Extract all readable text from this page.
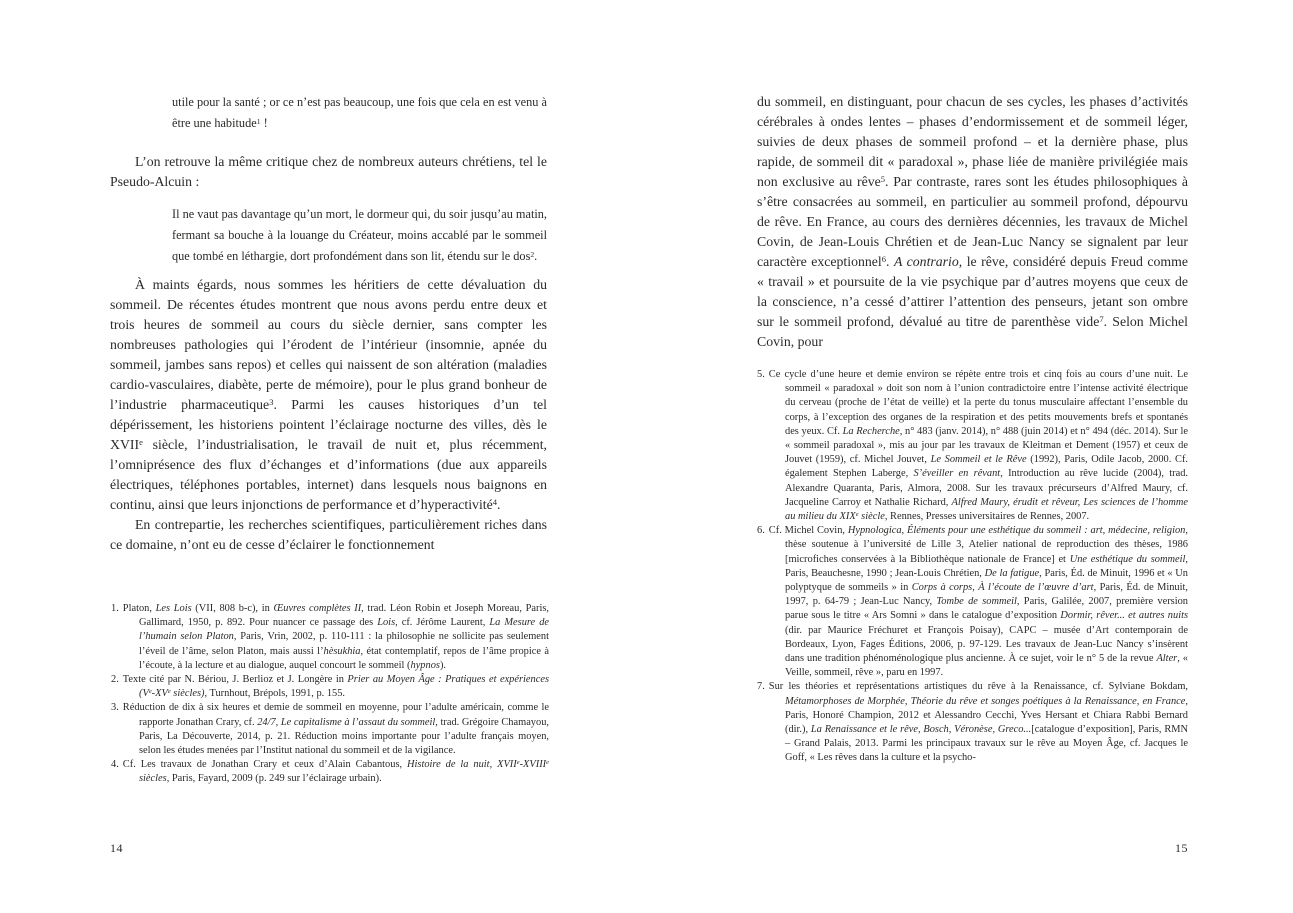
utile pour la santé ; or ce n’est pas beaucoup, une fois que cela en est venu à être une habitude$^1$ !

L’on retrouve la même critique chez de nombreux auteurs chrétiens, tel le Pseudo-Alcuin :

Il ne vaut pas davantage qu’un mort, le dormeur qui, du soir jusqu’au matin, fermant sa bouche à la louange du Créateur, moins accablé par le sommeil que tombé en léthargie, dort profondément dans son lit, étendu sur le dos$^2$.

À maints égards, nous sommes les héritiers de cette dévaluation du sommeil. De récentes études montrent que nous avons perdu entre deux et trois heures de sommeil au cours du siècle dernier, sans compter les nombreuses pathologies qui l’érodent de l’intérieur (insomnie, apnée du sommeil, jambes sans repos) et celles qui naissent de son altération (maladies cardio-vasculaires, diabète, perte de mémoire), pour le plus grand bonheur de l’industrie pharmaceutique$^3$. Parmi les causes historiques d’un tel dépérissement, les historiens pointent l’éclairage nocturne des villes, dès le XVIIe siècle, l’industrialisation, le travail de nuit et, plus récemment, l’omniprésence des flux d’échanges et d’informations (due aux appareils électriques, téléphones portables, internet) dans lesquels nous baignons en continu, ainsi que leurs injonctions de performance et d’hyperactivité$^4$.

En contrepartie, les recherches scientifiques, particulièrement riches dans ce domaine, n’ont eu de cesse d’éclairer le fonctionnement

1. Platon, Les Lois (VII, 808 b-c), in Œuvres complètes II, trad. Léon Robin et Joseph Moreau, Paris, Gallimard, 1950, p. 892. Pour nuancer ce passage des Lois, cf. Jérôme Laurent, La Mesure de l’humain selon Platon, Paris, Vrin, 2002, p. 110-111 : la philosophie ne sollicite pas seulement l’éveil de l’âme, selon Platon, mais aussi l’hèsukhia, état contemplatif, repos de l’âme propice à l’écoute, à la lecture et au dialogue, auquel concourt le sommeil (hypnos).

2. Texte cité par N. Bériou, J. Berlioz et J. Longère in Prier au Moyen Âge : Pratiques et expériences (Ve-XVe siècles), Turnhout, Brépols, 1991, p. 155.

3. Réduction de dix à six heures et demie de sommeil en moyenne, pour l’adulte américain, comme le rapporte Jonathan Crary, cf. 24/7, Le capitalisme à l’assaut du sommeil, trad. Grégoire Chamayou, Paris, La Découverte, 2014, p. 21. Réduction moins importante pour l’adulte français moyen, selon les études menées par l’Institut national du sommeil et de la vigilance.

4. Cf. Les travaux de Jonathan Crary et ceux d’Alain Cabantous, Histoire de la nuit, XVIIe-XVIIIe siècles, Paris, Fayard, 2009 (p. 249 sur l’éclairage urbain).

14

du sommeil, en distinguant, pour chacun de ses cycles, les phases d’activités cérébrales à ondes lentes – phases d’endormissement et de sommeil léger, suivies de deux phases de sommeil profond – et la dernière phase, plus rapide, de sommeil dit « paradoxal », phase liée de manière privilégiée mais non exclusive au rêve$^5$. Par contraste, rares sont les études philosophiques à s’être consacrées au sommeil, en particulier au sommeil profond, dépourvu de rêve. En France, au cours des dernières décennies, les travaux de Michel Covin, de Jean-Louis Chrétien et de Jean-Luc Nancy se signalent par leur caractère exceptionnel$^6$. A contrario, le rêve, considéré depuis Freud comme « travail » et poursuite de la vie psychique par d’autres moyens que ceux de la conscience, n’a cessé d’attirer l’attention des penseurs, jetant son ombre sur le sommeil profond, dévalué au titre de parenthèse vide$^7$. Selon Michel Covin, pour

5. Ce cycle d’une heure et demie environ se répète entre trois et cinq fois au cours d’une nuit. Le sommeil « paradoxal » doit son nom à l’union contradictoire entre l’intense activité électrique du cerveau (proche de l’état de veille) et la perte du tonus musculaire affectant l’ensemble du corps, à l’exception des organes de la respiration et des petits mouvements brefs et spontanés des yeux. Cf. La Recherche, n° 483 (janv. 2014), n° 488 (juin 2014) et n° 494 (déc. 2014). Sur le « sommeil paradoxal », mis au jour par les travaux de Kleitman et Dement (1957) et ceux de Jouvet (1959), cf. Michel Jouvet, Le Sommeil et le Rêve (1992), Paris, Odile Jacob, 2000. Cf. également Stephen Laberge, S’éveiller en rêvant, Introduction au rêve lucide (2004), trad. Alexandre Quaranta, Paris, Almora, 2008. Sur les travaux précurseurs d’Alfred Maury, cf. Jacqueline Carroy et Nathalie Richard, Alfred Maury, érudit et rêveur, Les sciences de l’homme au milieu du XIXe siècle, Rennes, Presses universitaires de Rennes, 2007.

6. Cf. Michel Covin, Hypnologica, Éléments pour une esthétique du sommeil : art, médecine, religion, thèse soutenue à l’université de Lille 3, Atelier national de reproduction des thèses, 1986 [microfiches conservées à la Bibliothèque nationale de France] et Une esthétique du sommeil, Paris, Beauchesne, 1990 ; Jean-Louis Chrétien, De la fatigue, Paris, Éd. de Minuit, 1996 et « Un polyptyque de sommeils » in Corps à corps, À l’écoute de l’œuvre d’art, Paris, Éd. de Minuit, 1997, p. 64-79 ; Jean-Luc Nancy, Tombe de sommeil, Paris, Galilée, 2007, première version parue sous le titre « Ars Somni » dans le catalogue d’exposition Dormir, rêver... et autres nuits (dir. par Maurice Fréchuret et François Poisay), CAPC – musée d’Art contemporain de Bordeaux, Lyon, Fages Éditions, 2006, p. 97-129. Les travaux de Jean-Luc Nancy s’insèrent dans une tradition phénoménologique plus ancienne. À ce sujet, voir le n° 5 de la revue Alter, « Veille, sommeil, rêve », paru en 1997.

7. Sur les théories et représentations artistiques du rêve à la Renaissance, cf. Sylviane Bokdam, Métamorphoses de Morphée, Théorie du rêve et songes poétiques à la Renaissance, en France, Paris, Honoré Champion, 2012 et Alessandro Cecchi, Yves Hersant et Chiara Rabbi Bernard (dir.), La Renaissance et le rêve, Bosch, Véronèse, Greco...[catalogue d’exposition], Paris, RMN – Grand Palais, 2013. Parmi les principaux travaux sur le rêve au Moyen Âge, cf. Jacques le Goff, « Les rêves dans la culture et la psycho-

15
